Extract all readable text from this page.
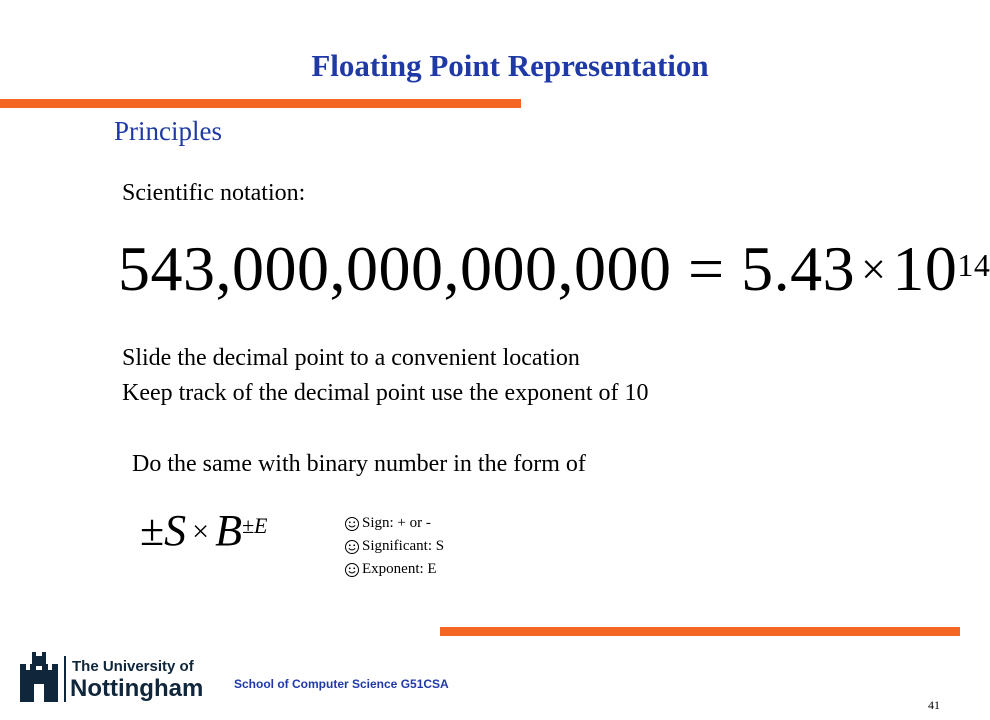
Floating Point Representation
Principles
Scientific notation:
$543,000,000,000,000 = 5.43 \times 10^{14}$
Slide the decimal point to a convenient location
Keep track of the decimal point use the exponent of 10
Do the same with binary number in the form of
$\pm S \times B^{\pm E}$	Sign: + or -
Significant: S
Exponent: E
The University of
Nottingham	School of Computer Science G51CSA
41
